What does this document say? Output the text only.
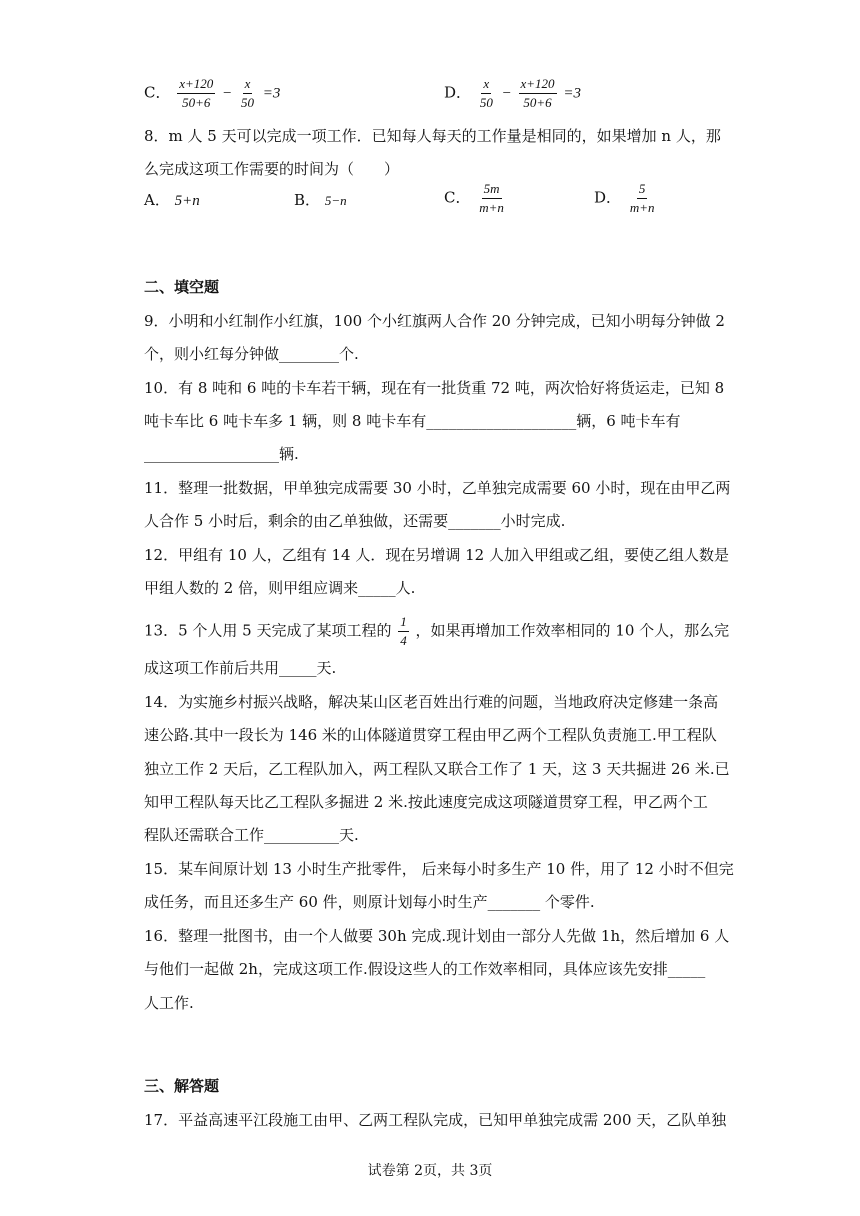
C． $\frac{x+120}{50+6} - \frac{x}{50} =3$	D． $\frac{x}{50} - \frac{x+120}{50+6} =3$
8．m 人 5 天可以完成一项工作．已知每人每天的工作量是相同的，如果增加 n 人，那
么完成这项工作需要的时间为（　　）
A． 5+n	B． 5−n	C． $\frac{5m}{m+n}$	D． $\frac{5}{m+n}$
二、填空题
9．小明和小红制作小红旗，100 个小红旗两人合作 20 分钟完成，已知小明每分钟做 2
个，则小红每分钟做________个.
10．有 8 吨和 6 吨的卡车若干辆，现在有一批货重 72 吨，两次恰好将货运走，已知 8
吨卡车比 6 吨卡车多 1 辆，则 8 吨卡车有____________________辆，6 吨卡车有
__________________辆.
11．整理一批数据，甲单独完成需要 30 小时，乙单独完成需要 60 小时，现在由甲乙两
人合作 5 小时后，剩余的由乙单独做，还需要_______小时完成.
12．甲组有 10 人，乙组有 14 人．现在另增调 12 人加入甲组或乙组，要使乙组人数是
甲组人数的 2 倍，则甲组应调来_____人.
13．5 个人用 5 天完成了某项工程的 $\frac{1}{4}$ ，如果再增加工作效率相同的 10 个人，那么完
成这项工作前后共用_____天.
14．为实施乡村振兴战略，解决某山区老百姓出行难的问题，当地政府决定修建一条高
速公路.其中一段长为 146 米的山体隧道贯穿工程由甲乙两个工程队负责施工.甲工程队
独立工作 2 天后，乙工程队加入，两工程队又联合工作了 1 天，这 3 天共掘进 26 米.已
知甲工程队每天比乙工程队多掘进 2 米.按此速度完成这项隧道贯穿工程，甲乙两个工
程队还需联合工作__________天.
15．某车间原计划 13 小时生产批零件， 后来每小时多生产 10 件，用了 12 小时不但完
成任务，而且还多生产 60 件，则原计划每小时生产_______ 个零件.
16．整理一批图书，由一个人做要 30h 完成.现计划由一部分人先做 1h，然后增加 6 人
与他们一起做 2h，完成这项工作.假设这些人的工作效率相同，具体应该先安排_____
人工作.
三、解答题
17．平益高速平江段施工由甲、乙两工程队完成，已知甲单独完成需 200 天，乙队单独
试卷第 2页，共 3页
